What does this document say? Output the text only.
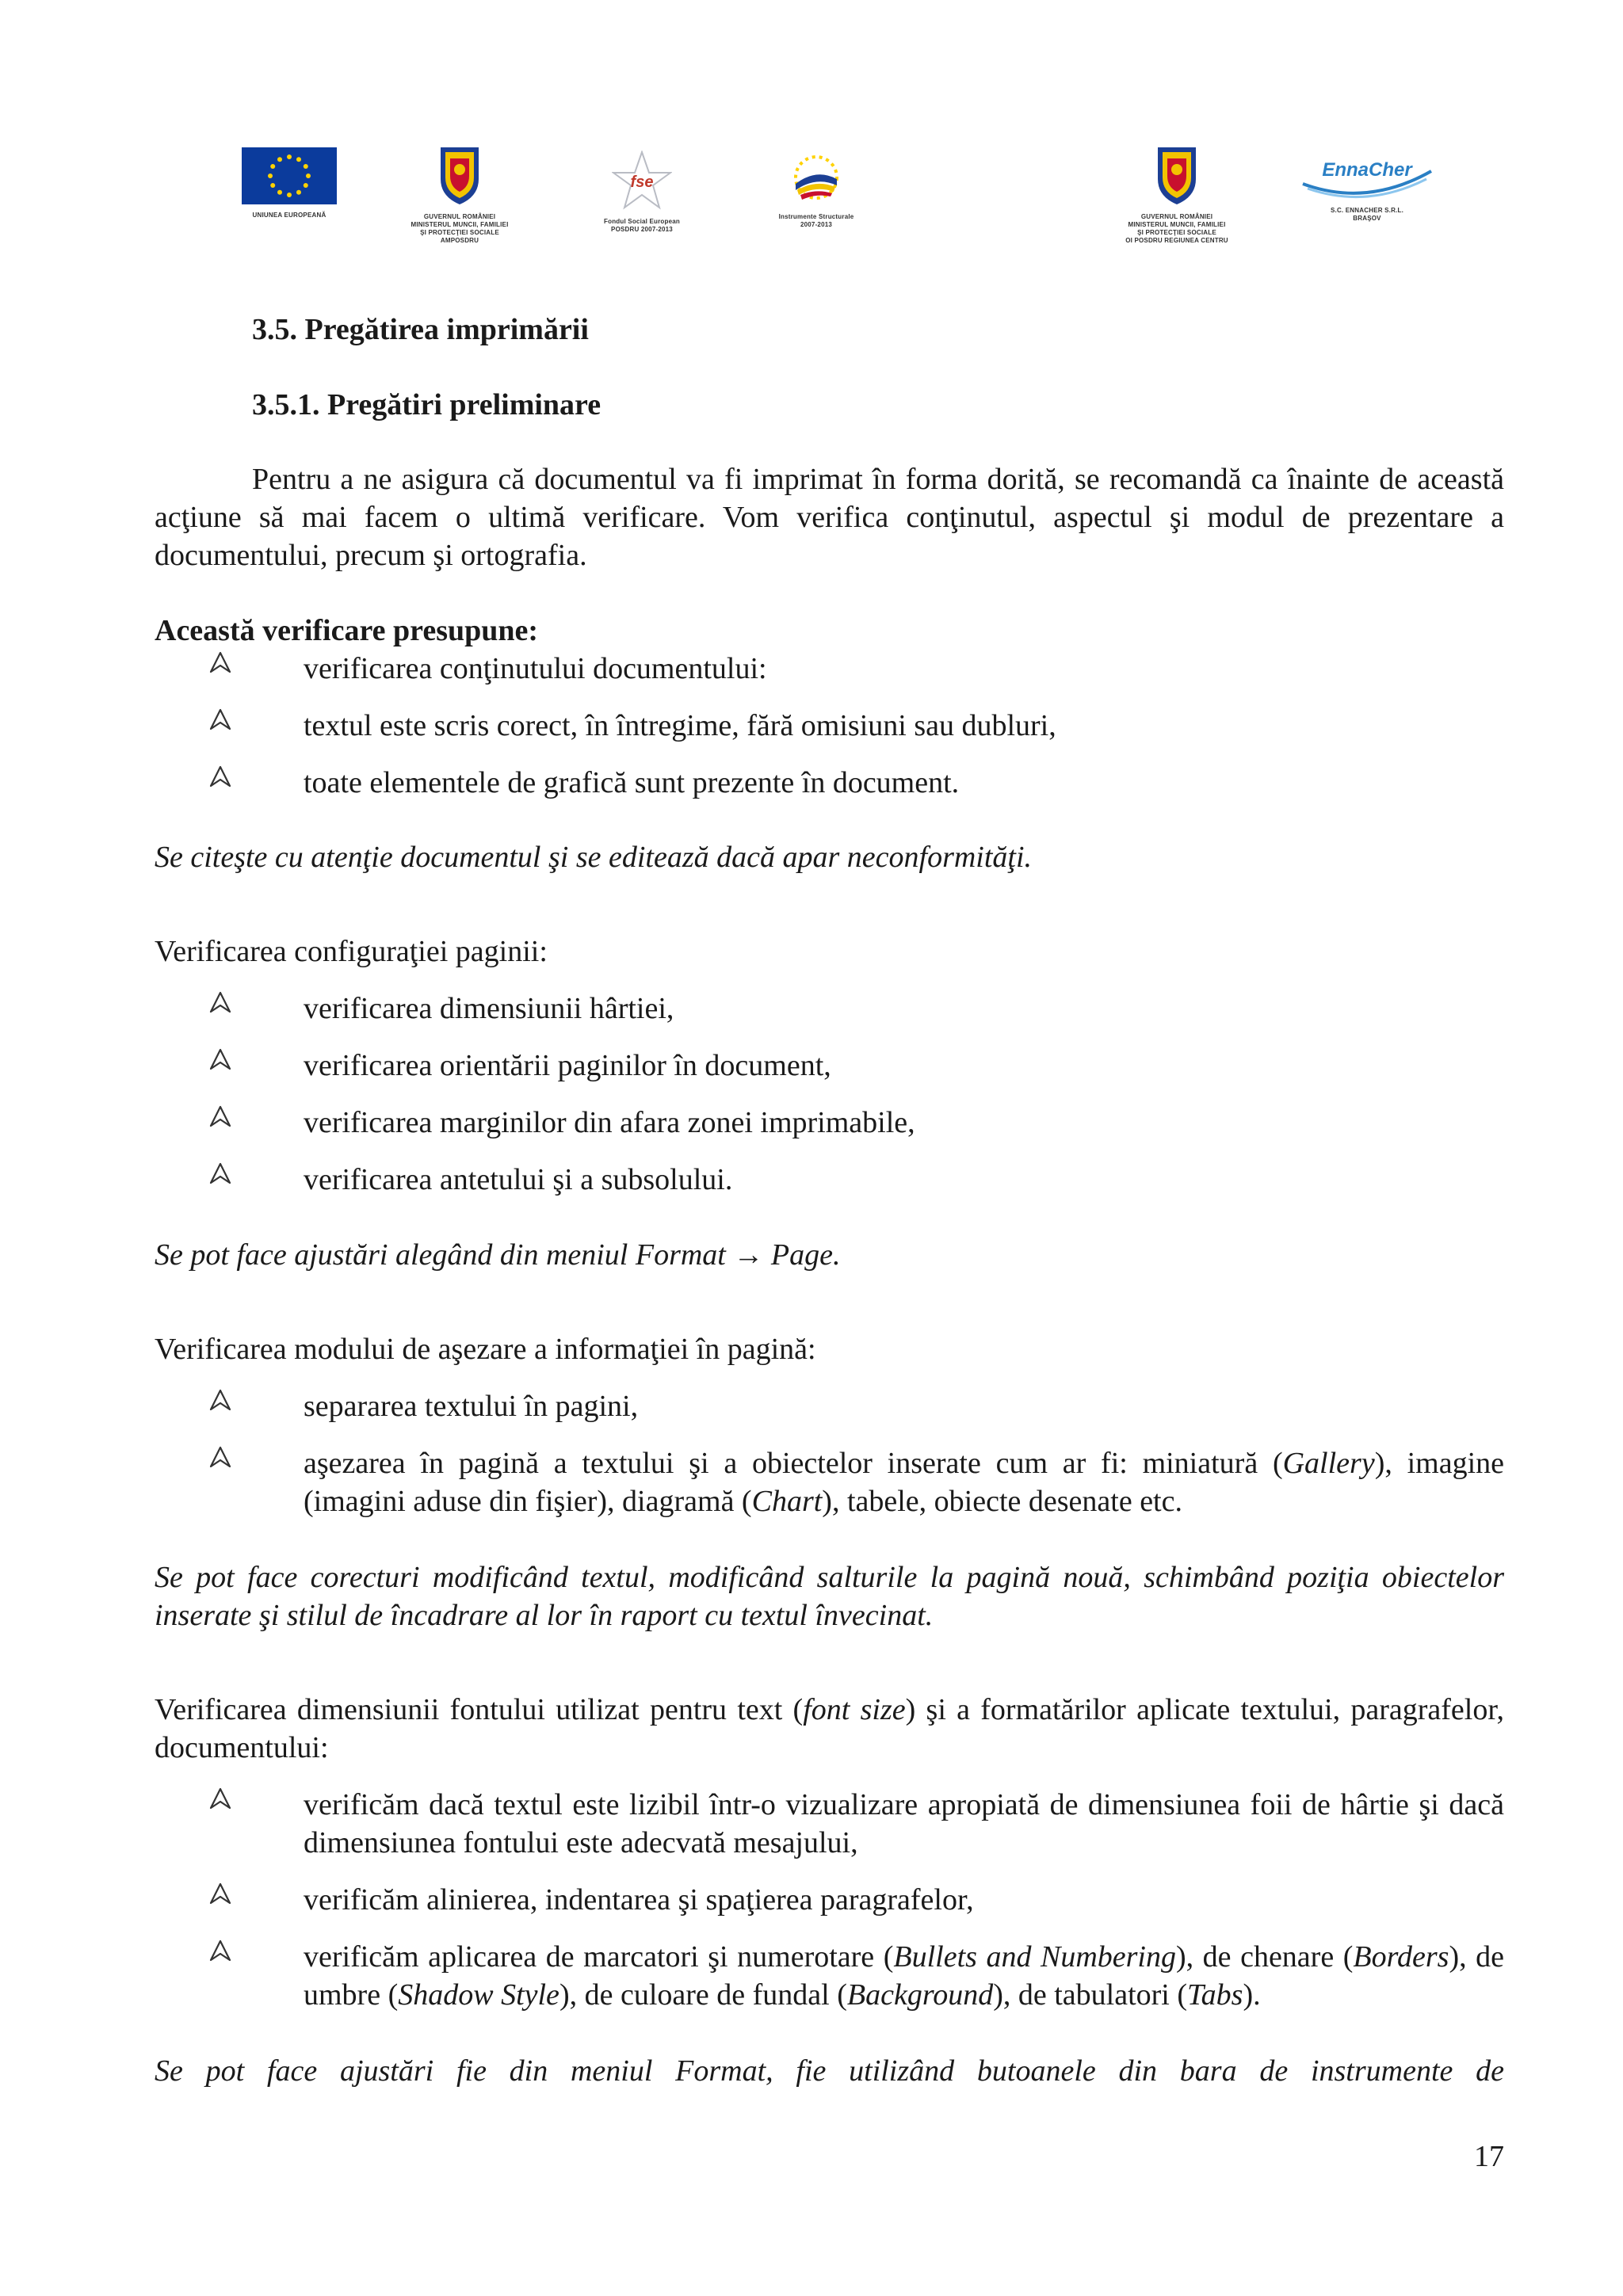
UNIUNEA EUROPEANĂ	GUVERNUL ROMÂNIEI
MINISTERUL MUNCII, FAMILIEI
ŞI PROTECŢIEI SOCIALE
AMPOSDRU
fse
Fondul Social European
POSDRU 2007-2013
Instrumente Structurale
2007-2013
GUVERNUL ROMÂNIEI
MINISTERUL MUNCII, FAMILIEI
ŞI PROTECŢIEI SOCIALE
OI POSDRU REGIUNEA CENTRU
EnnaCher
S.C. ENNACHER S.R.L.
BRAŞOV
3.5. Pregătirea imprimării
3.5.1. Pregătiri preliminare

Pentru a ne asigura că documentul va fi imprimat în forma dorită, se recomandă ca înainte de această acţiune să mai facem o ultimă verificare. Vom verifica conţinutul, aspectul şi modul de prezentare a documentului, precum şi ortografia.

Această verificare presupune:

verificarea conţinutului documentului:
textul este scris corect, în întregime, fără omisiuni sau dubluri,
toate elementele de grafică sunt prezente în document.

Se citeşte cu atenţie documentul şi se editează dacă apar neconformităţi.

Verificarea configuraţiei paginii:

verificarea dimensiunii hârtiei,
verificarea orientării paginilor în document,
verificarea marginilor din afara zonei imprimabile,
verificarea antetului şi a subsolului.

Se pot face ajustări alegând din meniul Format → Page.

Verificarea modului de aşezare a informaţiei în pagină:

separarea textului în pagini,
aşezarea în pagină a textului şi a obiectelor inserate cum ar fi: miniatură (Gallery), imagine (imagini aduse din fişier), diagramă (Chart), tabele, obiecte desenate etc.

Se pot face corecturi modificând textul, modificând salturile la pagină nouă, schimbând poziţia obiectelor inserate şi stilul de încadrare al lor în raport cu textul învecinat.

Verificarea dimensiunii fontului utilizat pentru text (font size) şi a formatărilor aplicate textului, paragrafelor, documentului:

verificăm dacă textul este lizibil într-o vizualizare apropiată de dimensiunea foii de hârtie şi dacă dimensiunea fontului este adecvată mesajului,
verificăm alinierea, indentarea şi spaţierea paragrafelor,
verificăm aplicarea de marcatori şi numerotare (Bullets and Numbering), de chenare (Borders), de umbre (Shadow Style), de culoare de fundal (Background), de tabulatori (Tabs).

Se pot face ajustări fie din meniul Format, fie utilizând butoanele din bara de instrumente de

17
